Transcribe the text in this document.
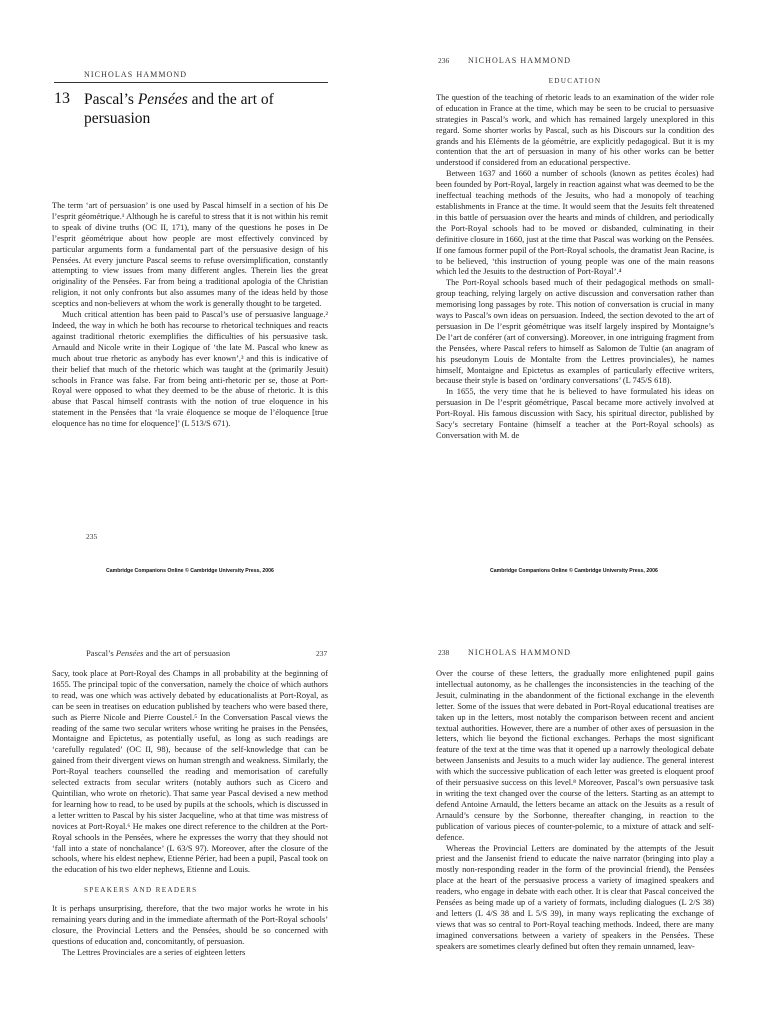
NICHOLAS HAMMOND
13 Pascal’s Pensées and the art of persuasion

The term ‘art of persuasion’ is one used by Pascal himself in a section of his De l’esprit géométrique.¹ Although he is careful to stress that it is not within his remit to speak of divine truths (OC II, 171), many of the questions he poses in De l’esprit géométrique about how people are most effectively convinced by particular arguments form a fundamental part of the persuasive design of his Pensées. At every juncture Pascal seems to refuse oversimplification, constantly attempting to view issues from many different angles. Therein lies the great originality of the Pensées. Far from being a traditional apologia of the Christian religion, it not only confronts but also assumes many of the ideas held by those sceptics and non-believers at whom the work is generally thought to be targeted.

Much critical attention has been paid to Pascal’s use of persuasive language.² Indeed, the way in which he both has recourse to rhetorical techniques and reacts against traditional rhetoric exemplifies the difficulties of his persuasive task. Arnauld and Nicole write in their Logique of ‘the late M. Pascal who knew as much about true rhetoric as anybody has ever known’,³ and this is indicative of their belief that much of the rhetoric which was taught at the (primarily Jesuit) schools in France was false. Far from being anti-rhetoric per se, those at Port-Royal were opposed to what they deemed to be the abuse of rhetoric. It is this abuse that Pascal himself contrasts with the notion of true eloquence in his statement in the Pensées that ‘la vraie éloquence se moque de l’éloquence [true eloquence has no time for eloquence]’ (L 513/S 671).

235
Cambridge Companions Online © Cambridge University Press, 2006
236 NICHOLAS HAMMOND
EDUCATION

The question of the teaching of rhetoric leads to an examination of the wider role of education in France at the time, which may be seen to be crucial to persuasive strategies in Pascal’s work, and which has remained largely unexplored in this regard. Some shorter works by Pascal, such as his Discours sur la condition des grands and his Eléments de la géométrie, are explicitly pedagogical. But it is my contention that the art of persuasion in many of his other works can be better understood if considered from an educational perspective.

Between 1637 and 1660 a number of schools (known as petites écoles) had been founded by Port-Royal, largely in reaction against what was deemed to be the ineffectual teaching methods of the Jesuits, who had a monopoly of teaching establishments in France at the time. It would seem that the Jesuits felt threatened in this battle of persuasion over the hearts and minds of children, and periodically the Port-Royal schools had to be moved or disbanded, culminating in their definitive closure in 1660, just at the time that Pascal was working on the Pensées. If one famous former pupil of the Port-Royal schools, the dramatist Jean Racine, is to be believed, ‘this instruction of young people was one of the main reasons which led the Jesuits to the destruction of Port-Royal’.⁴

The Port-Royal schools based much of their pedagogical methods on small-group teaching, relying largely on active discussion and conversation rather than memorising long passages by rote. This notion of conversation is crucial in many ways to Pascal’s own ideas on persuasion. Indeed, the section devoted to the art of persuasion in De l’esprit géométrique was itself largely inspired by Montaigne’s De l’art de conférer (art of conversing). Moreover, in one intriguing fragment from the Pensées, where Pascal refers to himself as Salomon de Tultie (an anagram of his pseudonym Louis de Montalte from the Lettres provinciales), he names himself, Montaigne and Epictetus as examples of particularly effective writers, because their style is based on ‘ordinary conversations’ (L 745/S 618).

In 1655, the very time that he is believed to have formulated his ideas on persuasion in De l’esprit géométrique, Pascal became more actively involved at Port-Royal. His famous discussion with Sacy, his spiritual director, published by Sacy’s secretary Fontaine (himself a teacher at the Port-Royal schools) as Conversation with M. de

Cambridge Companions Online © Cambridge University Press, 2006
Pascal’s Pensées and the art of persuasion	237

Sacy, took place at Port-Royal des Champs in all probability at the beginning of 1655. The principal topic of the conversation, namely the choice of which authors to read, was one which was actively debated by educationalists at Port-Royal, as can be seen in treatises on education published by teachers who were based there, such as Pierre Nicole and Pierre Coustel.⁵ In the Conversation Pascal views the reading of the same two secular writers whose writing he praises in the Pensées, Montaigne and Epictetus, as potentially useful, as long as such readings are ‘carefully regulated’ (OC II, 98), because of the self-knowledge that can be gained from their divergent views on human strength and weakness. Similarly, the Port-Royal teachers counselled the reading and memorisation of carefully selected extracts from secular writers (notably authors such as Cicero and Quintilian, who wrote on rhetoric). That same year Pascal devised a new method for learning how to read, to be used by pupils at the schools, which is discussed in a letter written to Pascal by his sister Jacqueline, who at that time was mistress of novices at Port-Royal.⁶ He makes one direct reference to the children at the Port-Royal schools in the Pensées, where he expresses the worry that they should not ‘fall into a state of nonchalance’ (L 63/S 97). Moreover, after the closure of the schools, where his eldest nephew, Etienne Périer, had been a pupil, Pascal took on the education of his two elder nephews, Etienne and Louis.

SPEAKERS AND READERS

It is perhaps unsurprising, therefore, that the two major works he wrote in his remaining years during and in the immediate aftermath of the Port-Royal schools’ closure, the Provincial Letters and the Pensées, should be so concerned with questions of education and, concomitantly, of persuasion.

The Lettres Provinciales are a series of eighteen letters

238 NICHOLAS HAMMOND

Over the course of these letters, the gradually more enlightened pupil gains intellectual autonomy, as he challenges the inconsistencies in the teaching of the Jesuit, culminating in the abandonment of the fictional exchange in the eleventh letter. Some of the issues that were debated in Port-Royal educational treatises are taken up in the letters, most notably the comparison between recent and ancient textual authorities. However, there are a number of other axes of persuasion in the letters, which lie beyond the fictional exchanges. Perhaps the most significant feature of the text at the time was that it opened up a narrowly theological debate between Jansenists and Jesuits to a much wider lay audience. The general interest with which the successive publication of each letter was greeted is eloquent proof of their persuasive success on this level.⁸ Moreover, Pascal’s own persuasive task in writing the text changed over the course of the letters. Starting as an attempt to defend Antoine Arnauld, the letters became an attack on the Jesuits as a result of Arnauld’s censure by the Sorbonne, thereafter changing, in reaction to the publication of various pieces of counter-polemic, to a mixture of attack and self-defence.

Whereas the Provincial Letters are dominated by the attempts of the Jesuit priest and the Jansenist friend to educate the naive narrator (bringing into play a mostly non-responding reader in the form of the provincial friend), the Pensées place at the heart of the persuasive process a variety of imagined speakers and readers, who engage in debate with each other. It is clear that Pascal conceived the Pensées as being made up of a variety of formats, including dialogues (L 2/S 38) and letters (L 4/S 38 and L 5/S 39), in many ways replicating the exchange of views that was so central to Port-Royal teaching methods. Indeed, there are many imagined conversations between a variety of speakers in the Pensées. These speakers are sometimes clearly defined but often they remain unnamed, leav-
